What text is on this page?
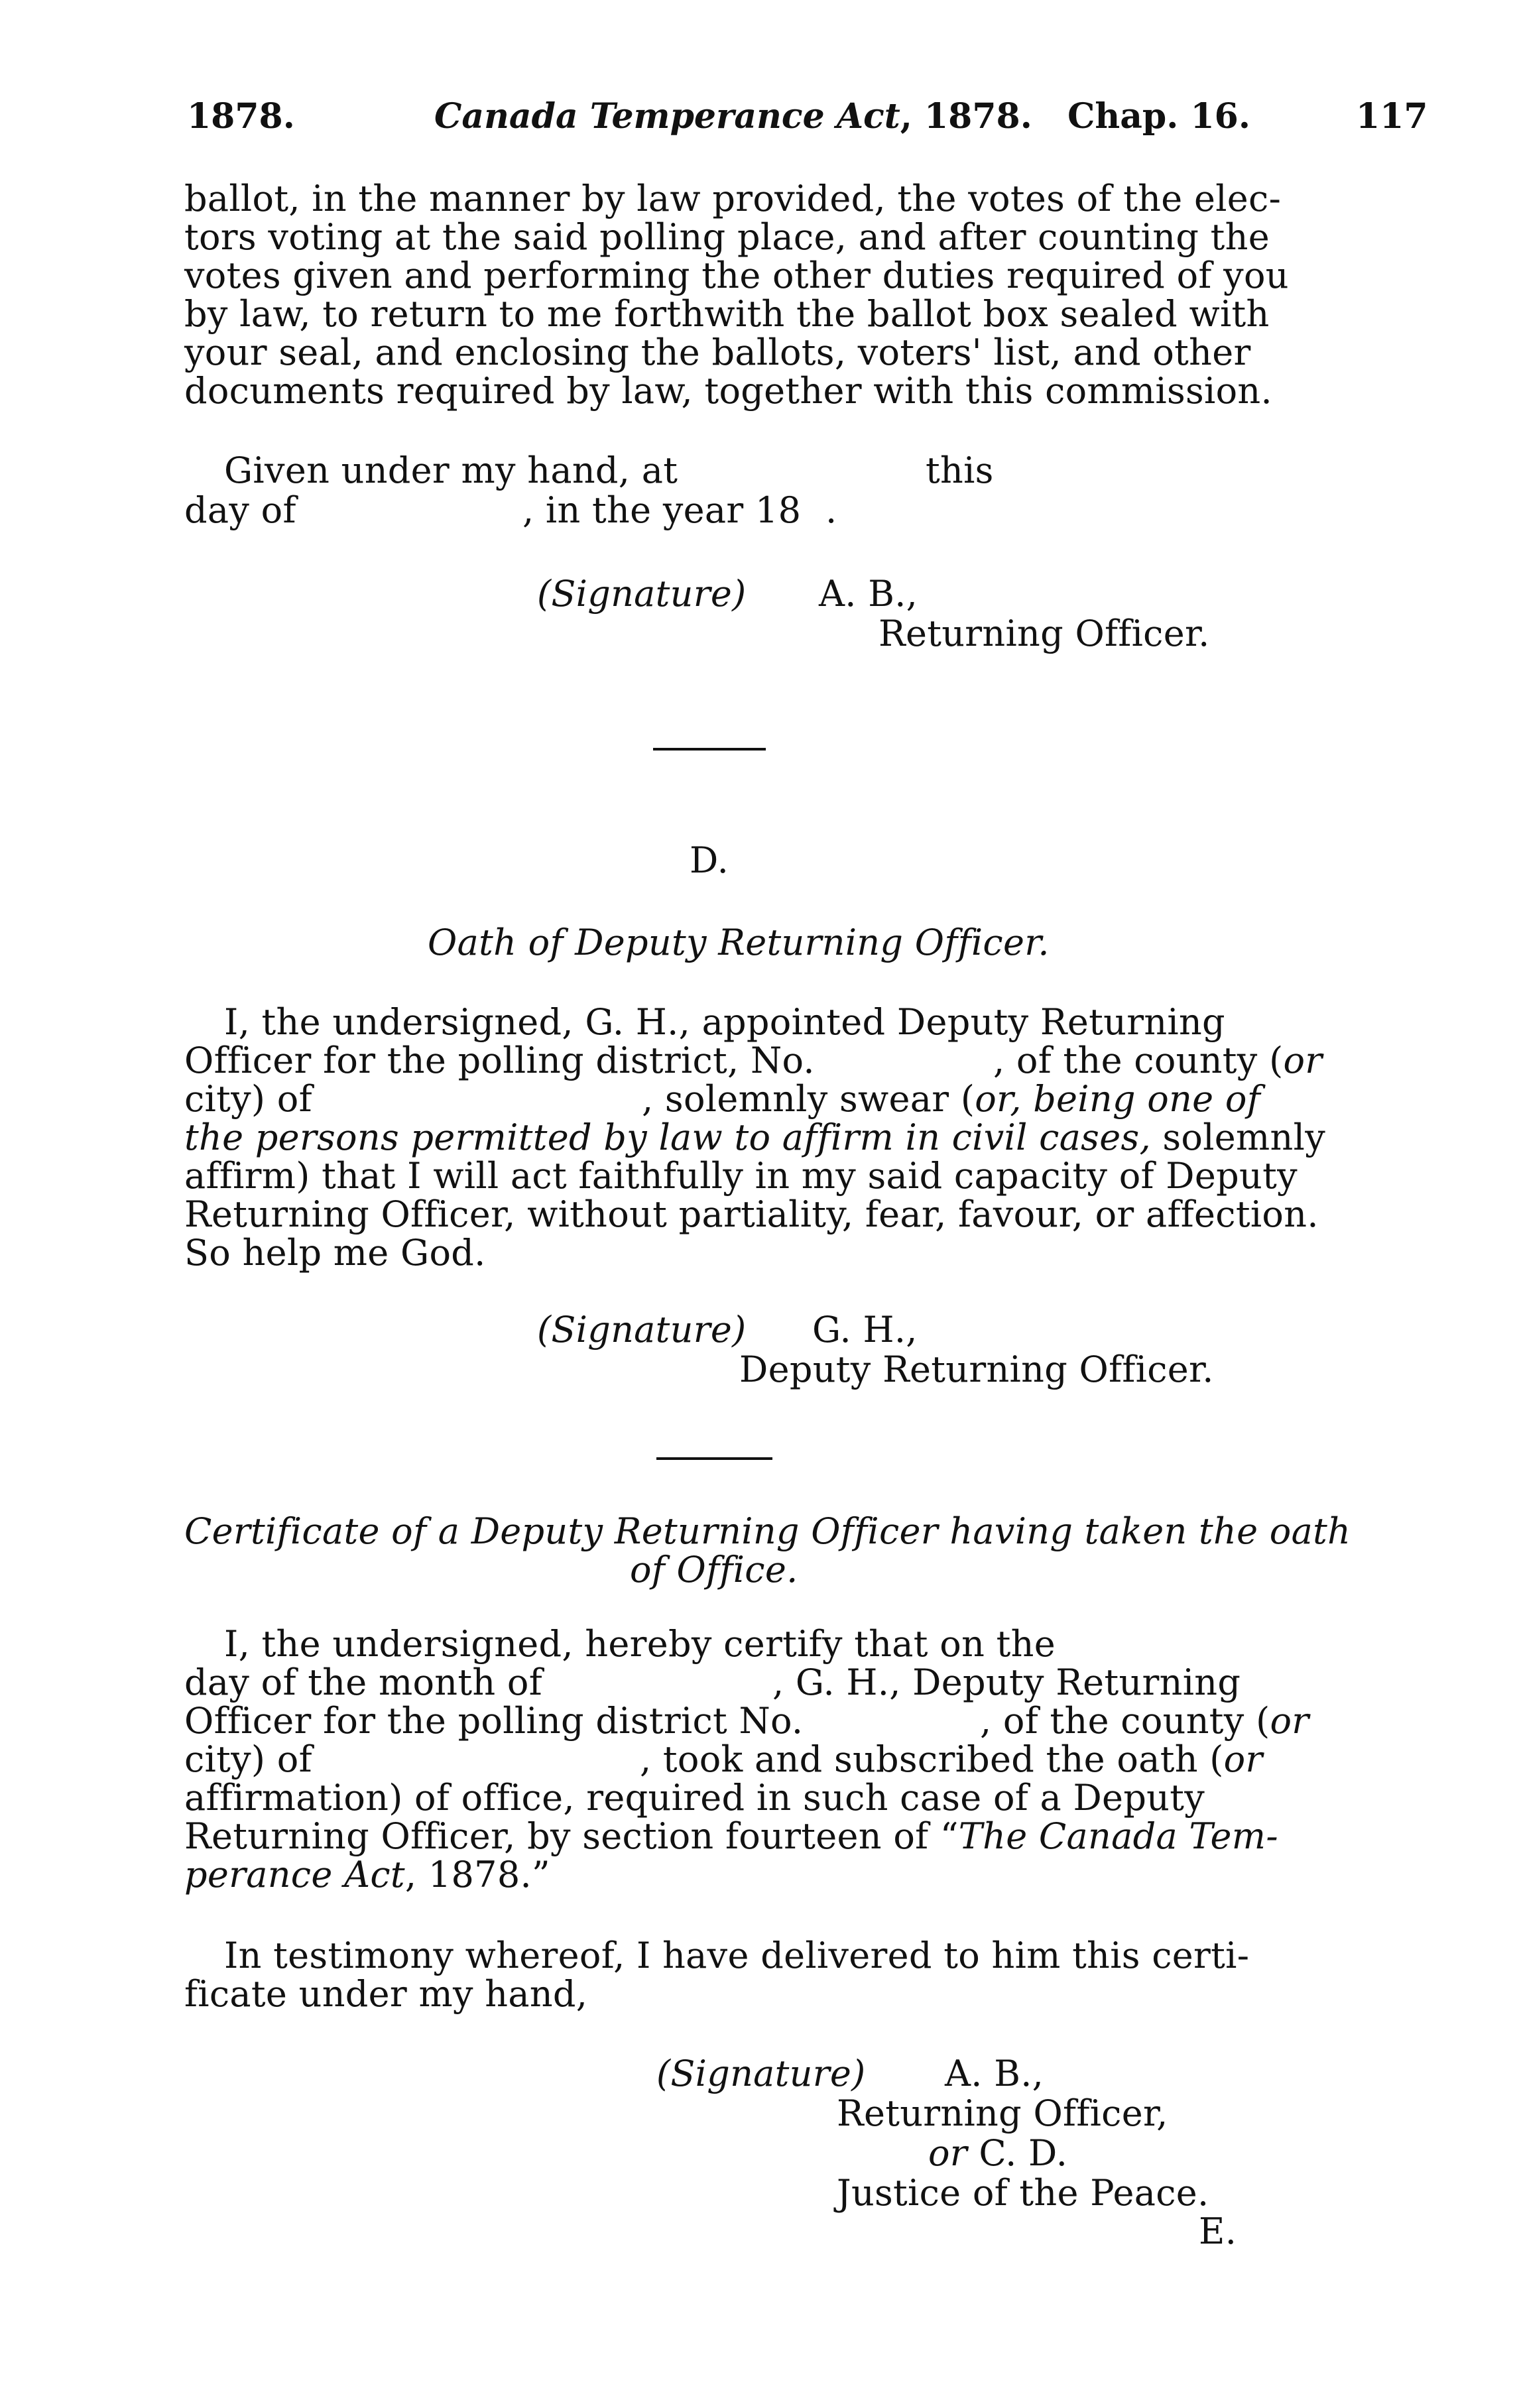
1878.	Canada Temperance Act, 1878. Chap. 16.	117
ballot, in the manner by law provided, the votes of the elec-
tors voting at the said polling place, and after counting the
votes given and performing the other duties required of you
by law, to return to me forthwith the ballot box sealed with
your seal, and enclosing the ballots, voters' list, and other
documents required by law, together with this commission.
Given under my hand, at	this
day of	, in the year 18 .
(Signature) A. B.,
Returning Officer.
D.
Oath of Deputy Returning Officer.
I, the undersigned, G. H., appointed Deputy Returning
Officer for the polling district, No.	, of the county (or
city) of	, solemnly swear (or, being one of
the persons permitted by law to affirm in civil cases, solemnly
affirm) that I will act faithfully in my said capacity of Deputy
Returning Officer, without partiality, fear, favour, or affection.
So help me God.
(Signature) G. H.,
Deputy Returning Officer.
Certificate of a Deputy Returning Officer having taken the oath
of Office.
I, the undersigned, hereby certify that on the
day of the month of	, G. H., Deputy Returning
Officer for the polling district No.	, of the county (or
city) of	, took and subscribed the oath (or
affirmation) of office, required in such case of a Deputy
Returning Officer, by section fourteen of “The Canada Tem-
perance Act, 1878.”
In testimony whereof, I have delivered to him this certi-
ficate under my hand,
(Signature) A. B.,
Returning Officer,
or C. D.
Justice of the Peace.
E.
